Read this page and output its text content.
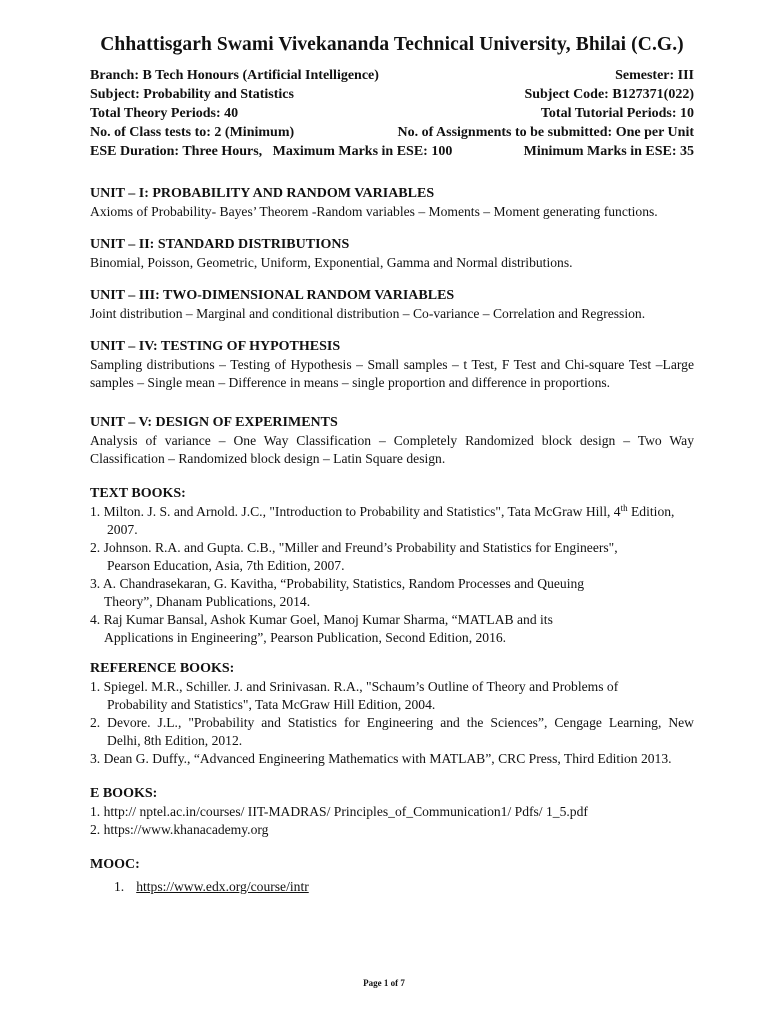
Chhattisgarh Swami Vivekananda Technical University, Bhilai (C.G.)
Branch: B Tech Honours (Artificial Intelligence)	Semester: III
Subject: Probability and Statistics	Subject Code: B127371(022)
Total Theory Periods: 40	Total Tutorial Periods: 10
No. of Class tests to: 2 (Minimum)	No. of Assignments to be submitted: One per Unit
ESE Duration: Three Hours,   Maximum Marks in ESE: 100	Minimum Marks in ESE: 35
UNIT – I: PROBABILITY AND RANDOM VARIABLES
Axioms of Probability- Bayes’ Theorem -Random variables – Moments – Moment generating functions.
UNIT – II: STANDARD DISTRIBUTIONS
Binomial, Poisson, Geometric, Uniform, Exponential, Gamma and Normal distributions.
UNIT – III: TWO-DIMENSIONAL RANDOM VARIABLES
Joint distribution – Marginal and conditional distribution – Co-variance – Correlation and Regression.
UNIT – IV: TESTING OF HYPOTHESIS
Sampling distributions – Testing of Hypothesis – Small samples – t Test, F Test and Chi-square Test –Large samples – Single mean – Difference in means – single proportion and difference in proportions.
UNIT – V: DESIGN OF EXPERIMENTS
Analysis of variance – One Way Classification – Completely Randomized block design – Two Way Classification – Randomized block design – Latin Square design.
TEXT BOOKS:
1. Milton. J. S. and Arnold. J.C., "Introduction to Probability and Statistics", Tata McGraw Hill, 4th Edition,
2007.
2. Johnson. R.A. and Gupta. C.B., "Miller and Freund’s Probability and Statistics for Engineers",
Pearson Education, Asia, 7th Edition, 2007.
3. A. Chandrasekaran, G. Kavitha, “Probability, Statistics, Random Processes and Queuing
Theory”, Dhanam Publications, 2014.
4. Raj Kumar Bansal, Ashok Kumar Goel, Manoj Kumar Sharma, “MATLAB and its
Applications in Engineering”, Pearson Publication, Second Edition, 2016.
REFERENCE BOOKS:
1. Spiegel. M.R., Schiller. J. and Srinivasan. R.A., "Schaum’s Outline of Theory and Problems of
Probability and Statistics", Tata McGraw Hill Edition, 2004.
2. Devore. J.L., "Probability and Statistics for Engineering and the Sciences”, Cengage Learning, New
Delhi, 8th Edition, 2012.
3. Dean G. Duffy., “Advanced Engineering Mathematics with MATLAB”, CRC Press, Third Edition 2013.
E BOOKS:
1. http:// nptel.ac.in/courses/ IIT-MADRAS/ Principles_of_Communication1/ Pdfs/ 1_5.pdf
2. https://www.khanacademy.org
MOOC:
1. https://www.edx.org/course/intr
Page 1 of 7
